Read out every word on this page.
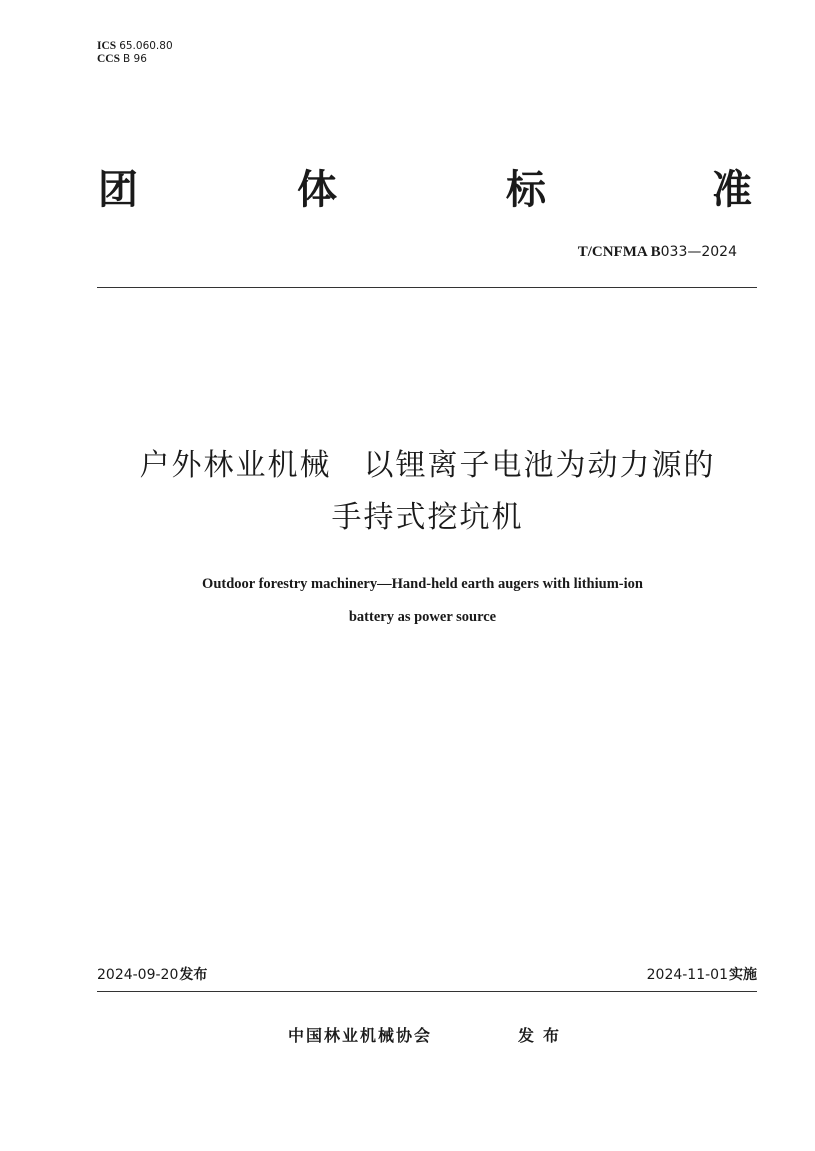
ICS 65.060.80
CCS B 96
团	体	标	准
T/CNFMA B033—2024
户外林业机械　以锂离子电池为动力源的
手持式挖坑机
Outdoor forestry machinery—Hand-held earth augers with lithium-ion
battery as power source
2024-09-20发布	2024-11-01实施
中国林业机械协会	发布
